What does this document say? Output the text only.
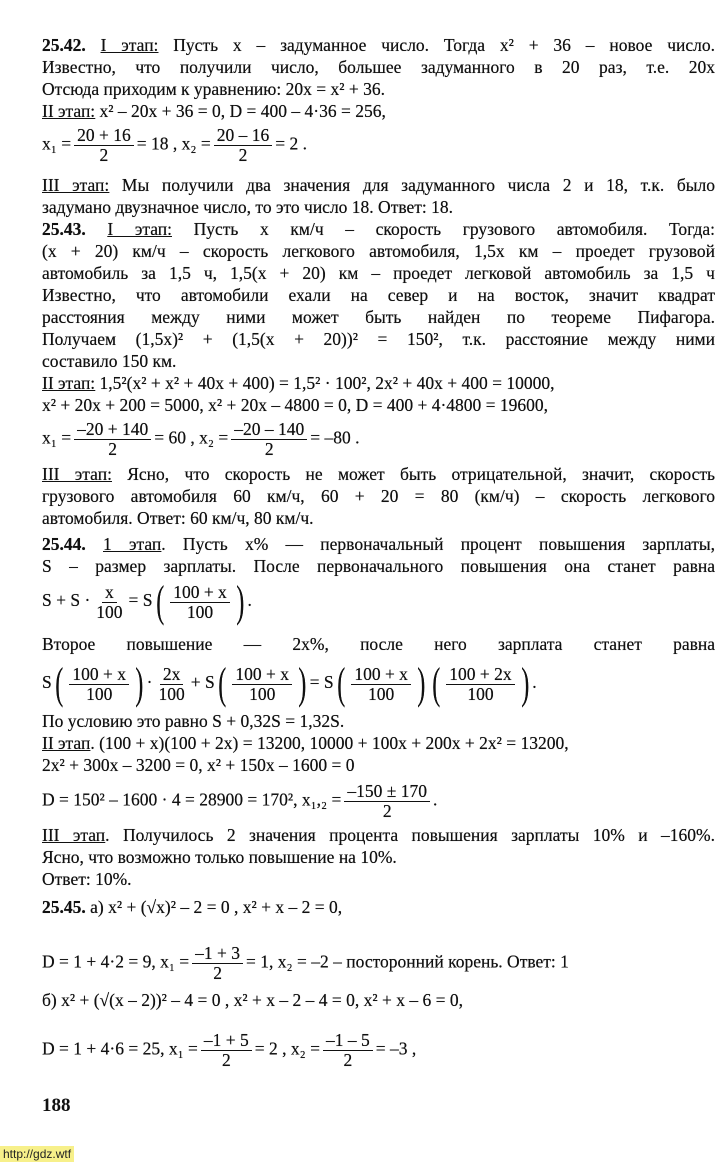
25.42. I этап: Пусть x – задуманное число. Тогда x² + 36 – новое число.
Известно, что получили число, большее задуманного в 20 раз, т.е. 20x
Отсюда приходим к уравнению: 20x = x² + 36.
II этап: x² – 20x + 36 = 0, D = 400 – 4·36 = 256,
$x_1 = \frac{20 + 16}{2} = 18$ , $x_2 = \frac{20 - 16}{2} = 2$ .
III этап: Мы получили два значения для задуманного числа 2 и 18, т.к. было
задумано двузначное число, то это число 18. Ответ: 18.
25.43. I этап: Пусть x км/ч – скорость грузового автомобиля. Тогда:
(x + 20) км/ч – скорость легкового автомобиля, 1,5x км – проедет грузовой
автомобиль за 1,5 ч, 1,5(x + 20) км – проедет легковой автомобиль за 1,5 ч
Известно, что автомобили ехали на север и на восток, значит квадрат
расстояния между ними может быть найден по теореме Пифагора.
Получаем (1,5x)² + (1,5(x + 20))² = 150², т.к. расстояние между ними
составило 150 км.
II этап: 1,5²(x² + x² + 40x + 400) = 1,5² · 100², 2x² + 40x + 400 = 10000,
x² + 20x + 200 = 5000, x² + 20x – 4800 = 0, D = 400 + 4·4800 = 19600,
$x_1 = \frac{-20 + 140}{2} = 60$ , $x_2 = \frac{-20 - 140}{2} = -80$ .
III этап: Ясно, что скорость не может быть отрицательной, значит, скорость
грузового автомобиля 60 км/ч, 60 + 20 = 80 (км/ч) – скорость легкового
автомобиля. Ответ: 60 км/ч, 80 км/ч.
25.44. 1 этап. Пусть x% — первоначальный процент повышения зарплаты,
S – размер зарплаты. После первоначального повышения она станет равна
$S + S \cdot \frac{x}{100} = S( \frac{100 + x}{100}$ ) .
Второе повышение — 2x%, после него зарплата станет равна
$S( \frac{100 + x}{100}$ ) · $\frac{2x}{100} + S( \frac{100 + x}{100}$ ) = $S( \frac{100 + x}{100}$ ) ( $\frac{100 + 2x}{100}$ ) .
По условию это равно S + 0,32S = 1,32S.
II этап. (100 + x)(100 + 2x) = 13200, 10000 + 100x + 200x + 2x² = 13200,
2x² + 300x – 3200 = 0, x² + 150x – 1600 = 0
D = 150² – 1600 · 4 = 28900 = 170², $x_1,_2 = \frac{-150 \pm 170}{2}$ .
III этап. Получилось 2 значения процента повышения зарплаты 10% и –160%.
Ясно, что возможно только повышение на 10%.
Ответ: 10%.
25.45. а) x² + (√x)² – 2 = 0 , x² + x – 2 = 0,
D = 1 + 4·2 = 9, $x_1 = \frac{-1 + 3}{2} = 1$, x₂ = –2 – посторонний корень. Ответ: 1
б) x² + (√(x – 2))² – 4 = 0 , x² + x – 2 – 4 = 0, x² + x – 6 = 0,
D = 1 + 4·6 = 25, $x_1 = \frac{-1 + 5}{2} = 2$ , $x_2 = \frac{-1 - 5}{2} = -3$ ,
188
http://gdz.wtf
